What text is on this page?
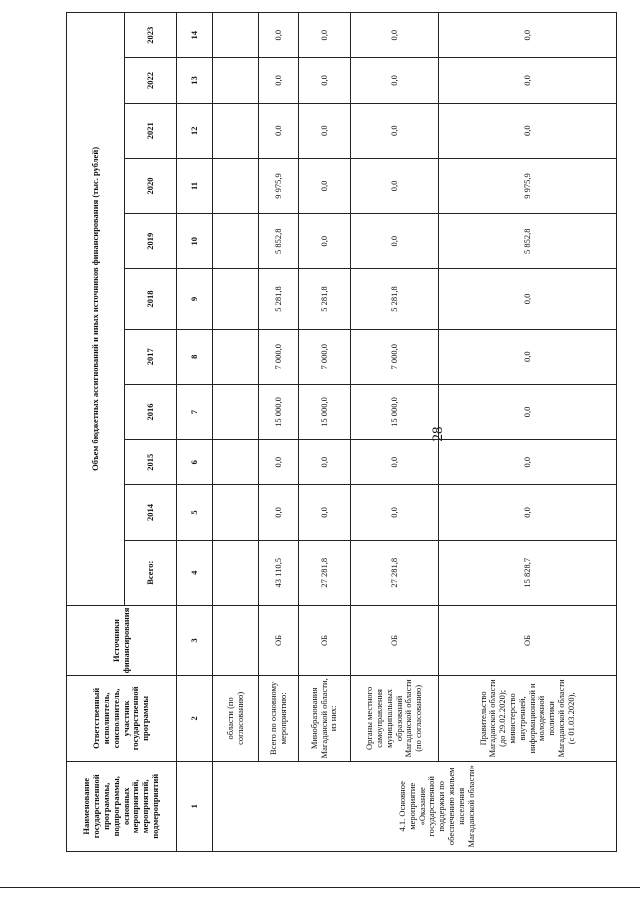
28
Наименование государственной программы, подпрограммы, основных мероприятий, мероприятий, подмероприятий	Ответственный исполнитель, соисполнитель, участник государственной программы	Источники финансирования	Объем бюджетных ассигнований и иных источников финансирования (тыс. рублей)										
			Всего:	2014	2015	2016	2017	2018	2019	2020	2021	2022	2023
1	2	3	4	5	6	7	8	9	10	11	12	13	14
	области (по согласованию)												
4.1. Основное мероприятие «Оказание государственной поддержки по обеспечению жильем населения Магаданской области»	Всего по основному мероприятию:	ОБ	43 110,5	0,0	0,0	15 000,0	7 000,0	5 281,8	5 852,8	9 975,9	0,0	0,0	0,0
	Минобразования Магаданской области, из них:	ОБ	27 281,8	0,0	0,0	15 000,0	7 000,0	5 281,8	0,0	0,0	0,0	0,0	0,0
	Органы местного самоуправления муниципальных образований Магаданской области (по согласованию)	ОБ	27 281,8	0,0	0,0	15 000,0	7 000,0	5 281,8	0,0	0,0	0,0	0,0	0,0
	Правительство Магаданской области (до 29.02.2020); министерство внутренней, информационной и молодежной политики Магаданской области (с 01.03.2020),	ОБ	15 828,7	0,0	0,0	0,0	0,0	0,0	5 852,8	9 975,9	0,0	0,0	0,0
